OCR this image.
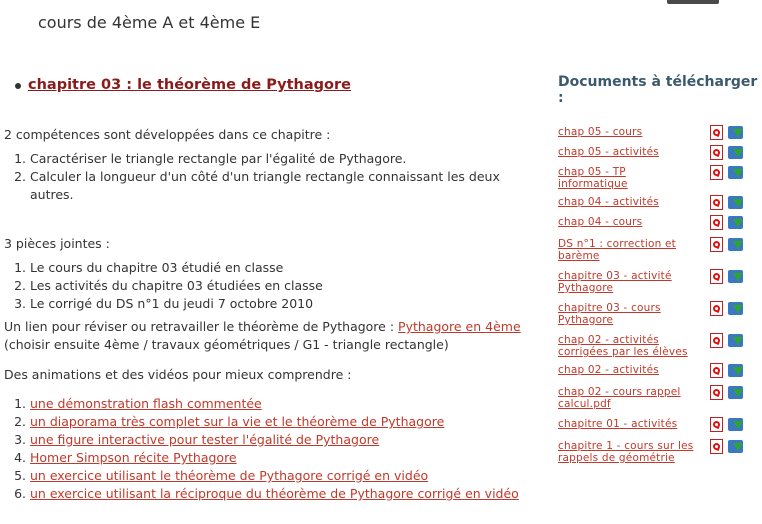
cours de 4ème A et 4ème E
chapitre 03 : le théorème de Pythagore

2 compétences sont développées dans ce chapitre :

1. Caractériser le triangle rectangle par l'égalité de Pythagore.
2. Calculer la longueur d'un côté d'un triangle rectangle connaissant les deux autres.

3 pièces jointes :

1. Le cours du chapitre 03 étudié en classe
2. Les activités du chapitre 03 étudiées en classe
3. Le corrigé du DS n°1 du jeudi 7 octobre 2010

Un lien pour réviser ou retravailler le théorème de Pythagore : Pythagore en 4ème (choisir ensuite 4ème / travaux géométriques / G1 - triangle rectangle)

Des animations et des vidéos pour mieux comprendre :

1. une démonstration flash commentée
2. un diaporama très complet sur la vie et le théorème de Pythagore
3. une figure interactive pour tester l'égalité de Pythagore
4. Homer Simpson récite Pythagore
5. un exercice utilisant le théorème de Pythagore corrigé en vidéo
6. un exercice utilisant la réciproque du théorème de Pythagore corrigé en vidéo
Documents à télécharger :
chap 05 - cours
chap 05 - activités
chap 05 - TP informatique
chap 04 - activités
chap 04 - cours
DS n°1 : correction et barème
chapitre 03 - activité Pythagore
chapitre 03 - cours Pythagore
chap 02 - activités corrigées par les élèves
chap 02 - activités
chap 02 - cours rappel calcul.pdf
chapitre 01 - activités
chapitre 1 - cours sur les rappels de géométrie
